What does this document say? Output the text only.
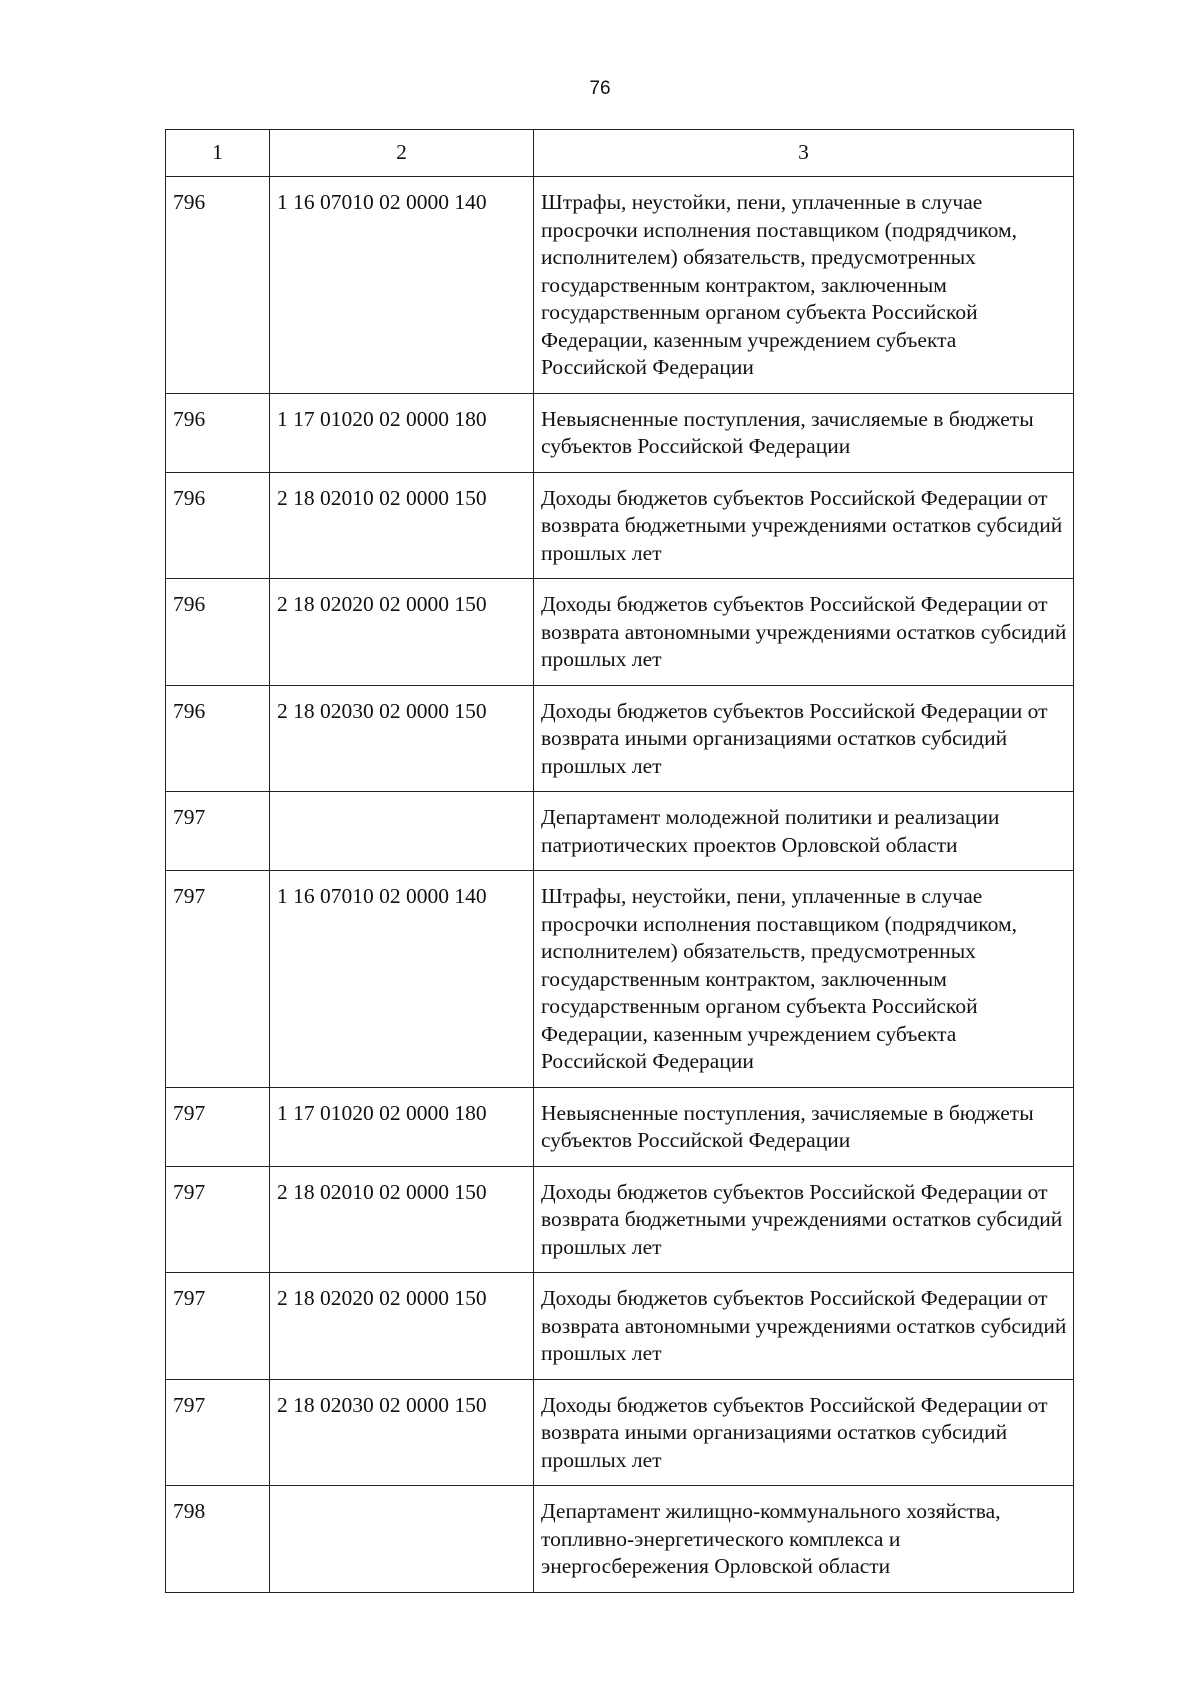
76
1	2	3
796	1 16 07010 02 0000 140	Штрафы, неустойки, пени, уплаченные в случае просрочки исполнения поставщиком (подрядчиком, исполнителем) обязательств, предусмотренных государственным контрактом, заключенным государственным органом субъекта Российской Федерации, казенным учреждением субъекта Российской Федерации
796	1 17 01020 02 0000 180	Невыясненные поступления, зачисляемые в бюджеты субъектов Российской Федерации
796	2 18 02010 02 0000 150	Доходы бюджетов субъектов Российской Федерации от возврата бюджетными учреждениями остатков субсидий прошлых лет
796	2 18 02020 02 0000 150	Доходы бюджетов субъектов Российской Федерации от возврата автономными учреждениями остатков субсидий прошлых лет
796	2 18 02030 02 0000 150	Доходы бюджетов субъектов Российской Федерации от возврата иными организациями остатков субсидий прошлых лет
797		Департамент молодежной политики и реализации патриотических проектов Орловской области
797	1 16 07010 02 0000 140	Штрафы, неустойки, пени, уплаченные в случае просрочки исполнения поставщиком (подрядчиком, исполнителем) обязательств, предусмотренных государственным контрактом, заключенным государственным органом субъекта Российской Федерации, казенным учреждением субъекта Российской Федерации
797	1 17 01020 02 0000 180	Невыясненные поступления, зачисляемые в бюджеты субъектов Российской Федерации
797	2 18 02010 02 0000 150	Доходы бюджетов субъектов Российской Федерации от возврата бюджетными учреждениями остатков субсидий прошлых лет
797	2 18 02020 02 0000 150	Доходы бюджетов субъектов Российской Федерации от возврата автономными учреждениями остатков субсидий прошлых лет
797	2 18 02030 02 0000 150	Доходы бюджетов субъектов Российской Федерации от возврата иными организациями остатков субсидий прошлых лет
798		Департамент жилищно-коммунального хозяйства, топливно-энергетического комплекса и энергосбережения Орловской области
